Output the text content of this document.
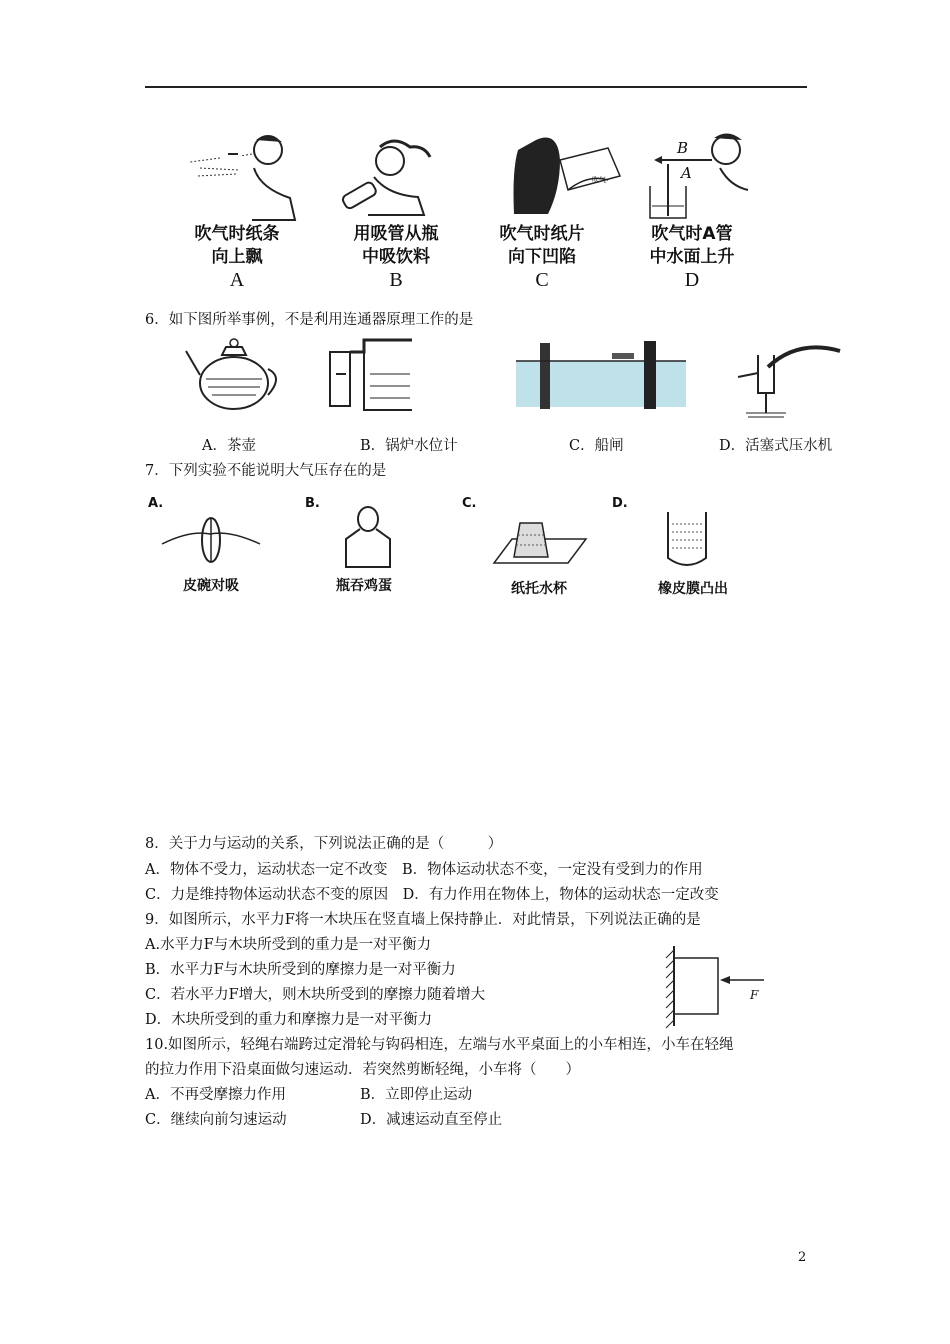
吹气时纸条
向上飘
A
用吸管从瓶
中吸饮料
B
吹气
吹气时纸片
向下凹陷
C
B
A
吹气时A管
中水面上升
D
6．如下图所举事例，不是利用连通器原理工作的是
A．茶壶	B．锅炉水位计	C．船闸	D．活塞式压水机
7．下列实验不能说明大气压存在的是
A.
皮碗对吸
B.
瓶吞鸡蛋
C.
纸托水杯
D.
橡皮膜凸出
8．关于力与运动的关系，下列说法正确的是（　　　）
A．物体不受力，运动状态一定不改变　B．物体运动状态不变，一定没有受到力的作用
C．力是维持物体运动状态不变的原因　D．有力作用在物体上，物体的运动状态一定改变
9．如图所示，水平力F将一木块压在竖直墙上保持静止．对此情景，下列说法正确的是
A.水平力F与木块所受到的重力是一对平衡力
B．水平力F与木块所受到的摩擦力是一对平衡力
C．若水平力F增大，则木块所受到的摩擦力随着增大
D．木块所受到的重力和摩擦力是一对平衡力
F
10.如图所示，轻绳右端跨过定滑轮与钩码相连，左端与水平桌面上的小车相连，小车在轻绳
的拉力作用下沿桌面做匀速运动．若突然剪断轻绳，小车将（　　）
A．不再受摩擦力作用	B．立即停止运动
C．继续向前匀速运动	D．减速运动直至停止
2
